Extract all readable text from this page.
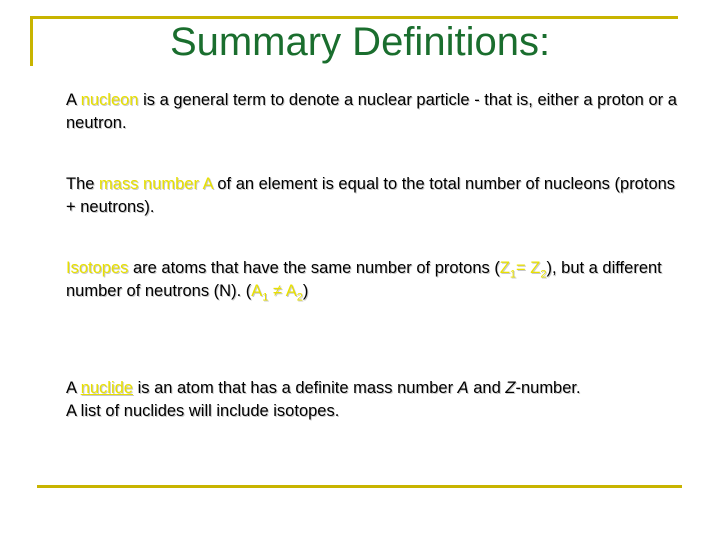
Summary Definitions:

A nucleon is a general term to denote a nuclear particle - that is, either a proton or a neutron.

The mass number A of an element is equal to the total number of nucleons (protons + neutrons).

Isotopes are atoms that have the same number of protons $(Z_1= Z_2)$, but a different number of neutrons (N). $(A_1 \ne A_2)$

A nuclide is an atom that has a definite mass number A and Z-number.
A list of nuclides will include isotopes.
